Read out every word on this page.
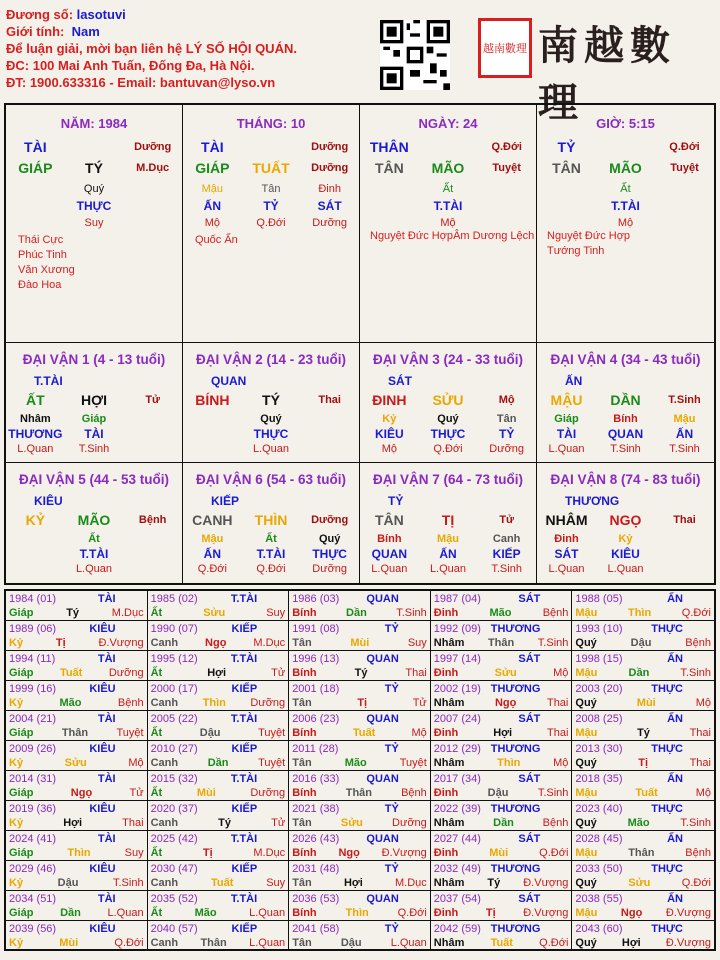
Đương số: lasotuvi
Giới tính: Nam
Để luận giải, mời bạn liên hệ LÝ SỐ HỘI QUÁN.
ĐC: 100 Mai Anh Tuấn, Đống Đa, Hà Nội.
ĐT: 1900.633316 - Email: bantuvan@lyso.vn
越南數理 南越數理
NĂM: 1984
TÀI	Dưỡng
GIÁP	TÝ	M.Dục
Quý
THỰC
Suy
Thái Cực
Phúc Tinh
Văn Xương
Đào Hoa
THÁNG: 10
TÀI	Dưỡng
GIÁP	TUẤT	Dưỡng
Mậu	Tân	Đinh
ẤN	TỶ	SÁT
Mộ	Q.Đới	Dưỡng
Quốc Ấn
NGÀY: 24
THÂN	Q.Đới
TÂN	MÃO	Tuyệt
Ất
T.TÀI
Mộ
Nguyệt Đức Hợp Âm Dương Lệch
GIỜ: 5:15
TỶ	Q.Đới
TÂN	MÃO	Tuyệt
Ất
T.TÀI
Mộ
Nguyệt Đức Hợp
Tướng Tinh
ĐẠI VẬN 1 (4 - 13 tuổi)
T.TÀI
ẤT	HỢI	Tử
Nhâm	Giáp
THƯƠNG	TÀI
L.Quan	T.Sinh
ĐẠI VẬN 2 (14 - 23 tuổi)
QUAN
BÍNH	TÝ	Thai
Quý
THỰC
L.Quan
ĐẠI VẬN 3 (24 - 33 tuổi)
SÁT
ĐINH	SỬU	Mộ
Kỷ	Quý	Tân
KIÊU	THỰC	TỶ
Mộ	Q.Đới	Dưỡng
ĐẠI VẬN 4 (34 - 43 tuổi)
ẤN
MẬU	DẦN	T.Sinh
Giáp	Bính	Mậu
TÀI	QUAN	ẤN
L.Quan	T.Sinh	T.Sinh
ĐẠI VẬN 5 (44 - 53 tuổi)
KIÊU
KỶ	MÃO	Bệnh
Ất
T.TÀI
L.Quan
ĐẠI VẬN 6 (54 - 63 tuổi)
KIẾP
CANH	THÌN	Dưỡng
Mậu	Ất	Quý
ẤN	T.TÀI	THỰC
Q.Đới	Q.Đới	Dưỡng
ĐẠI VẬN 7 (64 - 73 tuổi)
TỶ
TÂN	TỊ	Tử
Bính	Mậu	Canh
QUAN	ẤN	KIẾP
L.Quan	L.Quan	T.Sinh
ĐẠI VẬN 8 (74 - 83 tuổi)
THƯƠNG
NHÂM	NGỌ	Thai
Đinh	Kỷ
SÁT	KIÊU
L.Quan	L.Quan
1984 (01)	TÀI
Giáp	Tý	M.Dục
1985 (02)	T.TÀI
Ất	Sửu	Suy
1986 (03) QUAN
Bính	Dần	T.Sinh
1987 (04)	SÁT
Đinh	Mão	Bệnh
1988 (05)	ẤN
Mậu	Thìn	Q.Đới
1989 (06)	KIÊU
Kỷ	Tị	Đ.Vượng
1990 (07)	KIẾP
Canh Ngọ M.Dục
1991 (08)	TỶ
Tân	Mùi	Suy
1992 (09) THƯƠNG
Nhâm Thân T.Sinh
1993 (10)	THỰC
Quý	Dậu	Bệnh
1994 (11)	TÀI
Giáp Tuất Dưỡng
1995 (12)	T.TÀI
Ất	Hợi	Tử
1996 (13) QUAN
Bính	Tý	Thai
1997 (14)	SÁT
Đinh	Sửu	Mộ
1998 (15)	ẤN
Mậu	Dần	T.Sinh
1999 (16)	KIÊU
Kỷ	Mão	Bệnh
2000 (17)	KIẾP
Canh Thìn Dưỡng
2001 (18)	TỶ
Tân	Tị	Tử
2002 (19) THƯƠNG
Nhâm	Ngọ	Thai
2003 (20)	THỰC
Quý	Mùi	Mộ
2004 (21)	TÀI
Giáp	Thân	Tuyệt
2005 (22)	T.TÀI
Ất	Dậu	Tuyệt
2006 (23) QUAN
Bính	Tuất	Mộ
2007 (24)	SÁT
Đinh	Hợi	Thai
2008 (25)	ẤN
Mậu	Tý	Thai
2009 (26)	KIÊU
Kỷ	Sửu	Mộ
2010 (27)	KIẾP
Canh	Dần	Tuyệt
2011 (28)	TỶ
Tân	Mão	Tuyệt
2012 (29) THƯƠNG
Nhâm	Thìn	Mộ
2013 (30)	THỰC
Quý	Tị	Thai
2014 (31)	TÀI
Giáp	Ngọ	Tử
2015 (32)	T.TÀI
Ất	Mùi	Dưỡng
2016 (33) QUAN
Bính	Thân	Bệnh
2017 (34)	SÁT
Đinh	Dậu	T.Sinh
2018 (35)	ẤN
Mậu	Tuất	Mộ
2019 (36)	KIÊU
Kỷ	Hợi	Thai
2020 (37)	KIẾP
Canh	Tý	Tử
2021 (38)	TỶ
Tân	Sửu	Dưỡng
2022 (39) THƯƠNG
Nhâm	Dần	Bệnh
2023 (40)	THỰC
Quý	Mão	T.Sinh
2024 (41)	TÀI
Giáp	Thìn	Suy
2025 (42)	T.TÀI
Ất	Tị	M.Dục
2026 (43) QUAN
Bính Ngọ Đ.Vượng
2027 (44)	SÁT
Đinh	Mùi	Q.Đới
2028 (45)	ẤN
Mậu	Thân	Bệnh
2029 (46)	KIÊU
Kỷ	Dậu	T.Sinh
2030 (47)	KIẾP
Canh	Tuất	Suy
2031 (48)	TỶ
Tân	Hợi	M.Dục
2032 (49) THƯƠNG
Nhâm Tý Đ.Vượng
2033 (50)	THỰC
Quý	Sửu	Q.Đới
2034 (51)	TÀI
Giáp Dần L.Quan
2035 (52)	T.TÀI
Ất	Mão	L.Quan
2036 (53) QUAN
Bính	Thìn	Q.Đới
2037 (54)	SÁT
Đinh	Tị	Đ.Vượng
2038 (55)	ẤN
Mậu Ngọ Đ.Vượng
2039 (56)	KIÊU
Kỷ	Mùi	Q.Đới
2040 (57)	KIẾP
Canh Thân L.Quan
2041 (58)	TỶ
Tân	Dậu	L.Quan
2042 (59) THƯƠNG
Nhâm Tuất Q.Đới
2043 (60)	THỰC
Quý Hợi Đ.Vượng
